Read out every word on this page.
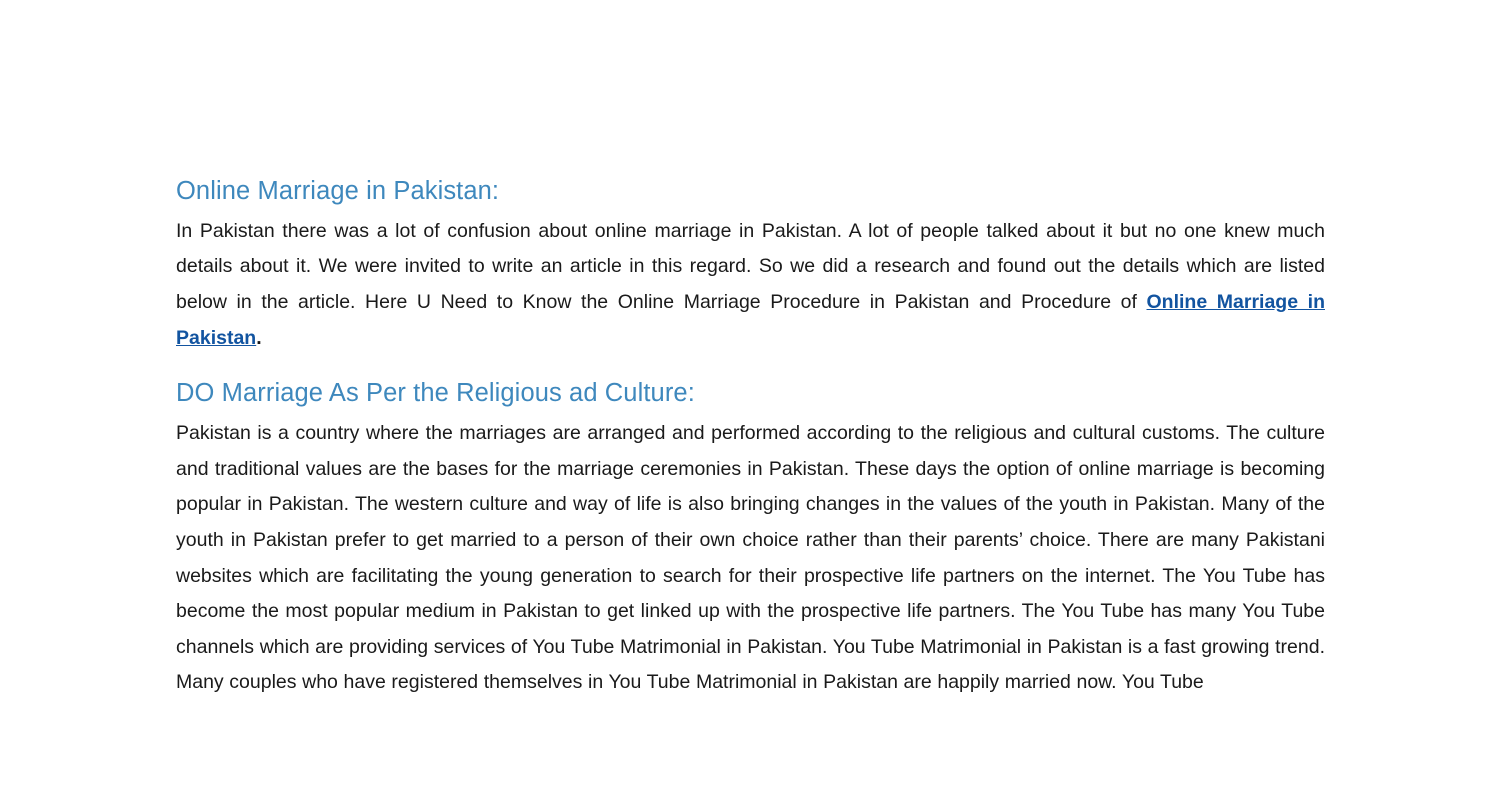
Online Marriage in Pakistan:

In Pakistan there was a lot of confusion about online marriage in Pakistan. A lot of people talked about it but no one knew much details about it. We were invited to write an article in this regard. So we did a research and found out the details which are listed below in the article. Here U Need to Know the Online Marriage Procedure in Pakistan and Procedure of Online Marriage in Pakistan.

DO Marriage As Per the Religious ad Culture:

Pakistan is a country where the marriages are arranged and performed according to the religious and cultural customs. The culture and traditional values are the bases for the marriage ceremonies in Pakistan. These days the option of online marriage is becoming popular in Pakistan. The western culture and way of life is also bringing changes in the values of the youth in Pakistan. Many of the youth in Pakistan prefer to get married to a person of their own choice rather than their parents’ choice. There are many Pakistani websites which are facilitating the young generation to search for their prospective life partners on the internet. The You Tube has become the most popular medium in Pakistan to get linked up with the prospective life partners. The You Tube has many You Tube channels which are providing services of You Tube Matrimonial in Pakistan. You Tube Matrimonial in Pakistan is a fast growing trend. Many couples who have registered themselves in You Tube Matrimonial in Pakistan are happily married now. You Tube
